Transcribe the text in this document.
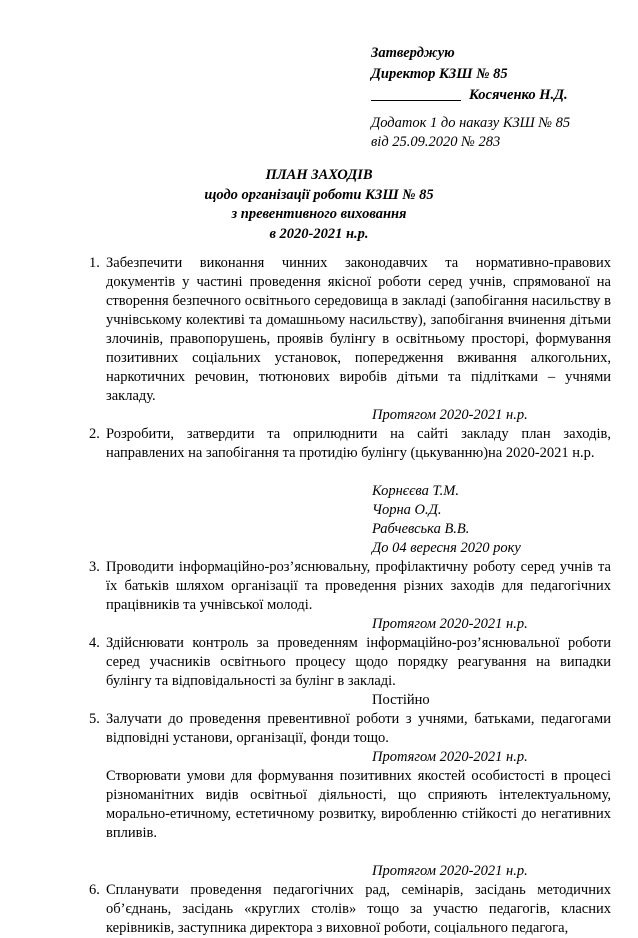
Затверджую
Директор КЗШ № 85
Косяченко Н.Д.
Додаток 1 до наказу КЗШ № 85
від 25.09.2020 № 283
ПЛАН ЗАХОДІВ
щодо організації роботи КЗШ № 85
з превентивного виховання
в 2020-2021 н.р.
1. Забезпечити виконання чинних законодавчих та нормативно-правових документів у частині проведення якісної роботи серед учнів, спрямованої на створення безпечного освітнього середовища в закладі (запобігання насильству в учнівському колективі та домашньому насильству), запобігання вчинення дітьми злочинів, правопорушень, проявів булінгу в освітньому просторі, формування позитивних соціальних установок, попередження вживання алкогольних, наркотичних речовин, тютюнових виробів дітьми та підлітками – учнями закладу.
Протягом 2020-2021 н.р.
2. Розробити, затвердити та оприлюднити на сайті закладу план заходів, направлених на запобігання та протидію булінгу (цькуванню)на 2020-2021 н.р.
Корнєєва Т.М.
Чорна О.Д.
Рабчевська В.В.
До 04 вересня 2020 року
3. Проводити інформаційно-роз’яснювальну, профілактичну роботу серед учнів та їх батьків шляхом організації та проведення різних заходів для педагогічних працівників та учнівської молоді.
Протягом 2020-2021 н.р.
4. Здійснювати контроль за проведенням інформаційно-роз’яснювальної роботи серед учасників освітнього процесу щодо порядку реагування на випадки булінгу та відповідальності за булінг в закладі.
Постійно
5. Залучати до проведення превентивної роботи з учнями, батьками, педагогами відповідні установи, організації, фонди тощо.
Протягом 2020-2021 н.р.
Створювати умови для формування позитивних якостей особистості в процесі різноманітних видів освітньої діяльності, що сприяють інтелектуальному, морально-етичному, естетичному розвитку, виробленню стійкості до негативних впливів.
Протягом 2020-2021 н.р.
6. Спланувати проведення педагогічних рад, семінарів, засідань методичних об’єднань, засідань «круглих столів» тощо за участю педагогів, класних керівників, заступника директора з виховної роботи, соціального педагога,
